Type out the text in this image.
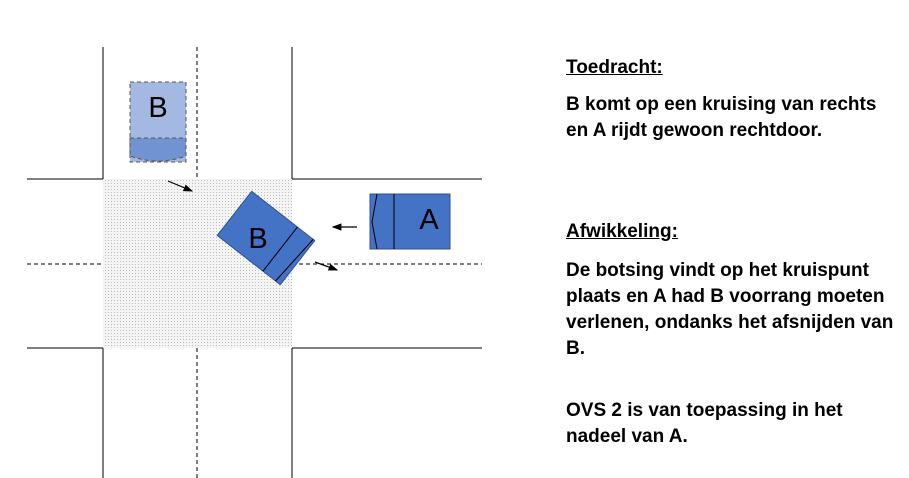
B
B
A

Toedracht:

B komt op een kruising van rechts en A rijdt gewoon rechtdoor.

Afwikkeling:

De botsing vindt op het kruispunt plaats en A had B voorrang moeten verlenen, ondanks het afsnijden van B.

OVS 2 is van toepassing in het nadeel van A.
